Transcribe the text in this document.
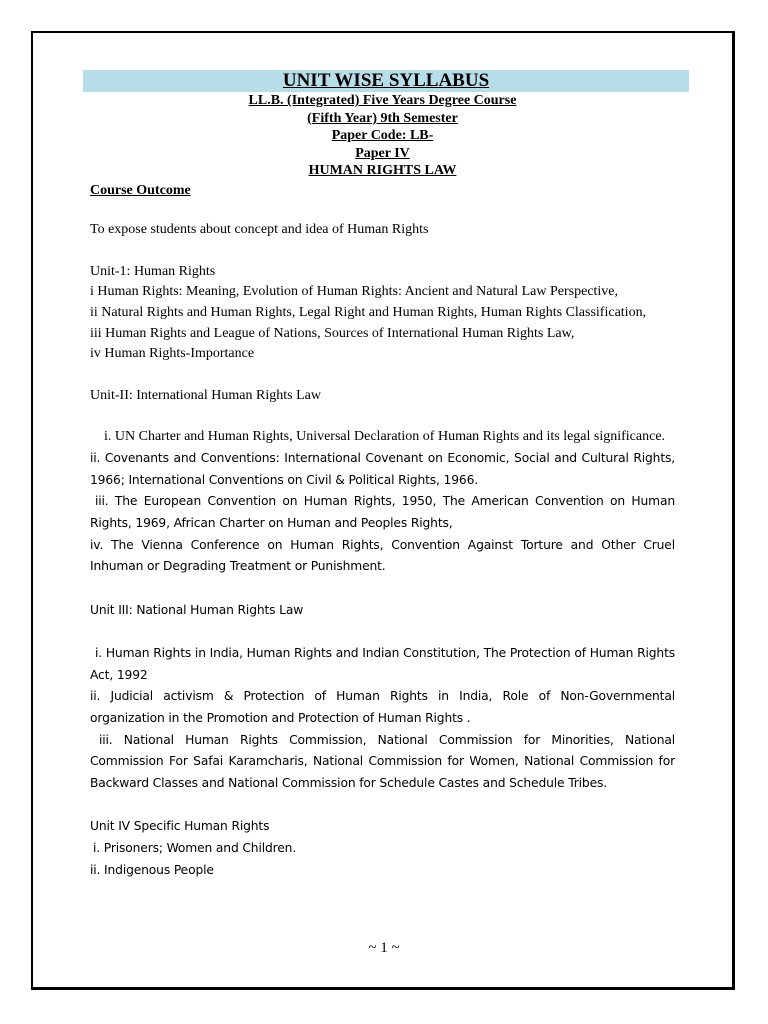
UNIT WISE SYLLABUS
LL.B. (Integrated) Five Years Degree Course
(Fifth Year) 9th Semester
Paper Code: LB-
Paper IV
HUMAN RIGHTS LAW
Course Outcome

To expose students about concept and idea of Human Rights

Unit-1: Human Rights

i Human Rights: Meaning, Evolution of Human Rights: Ancient and Natural Law Perspective,

ii Natural Rights and Human Rights, Legal Right and Human Rights, Human Rights Classification,

iii Human Rights and League of Nations, Sources of International Human Rights Law,

iv Human Rights-Importance

Unit-II: International Human Rights Law

i. UN Charter and Human Rights, Universal Declaration of Human Rights and its legal significance.

ii. Covenants and Conventions: International Covenant on Economic, Social and Cultural Rights, 1966; International Conventions on Civil & Political Rights, 1966.

iii. The European Convention on Human Rights, 1950, The American Convention on Human Rights, 1969, African Charter on Human and Peoples Rights,

iv. The Vienna Conference on Human Rights, Convention Against Torture and Other Cruel Inhuman or Degrading Treatment or Punishment.

Unit III: National Human Rights Law

i. Human Rights in India, Human Rights and Indian Constitution, The Protection of Human Rights Act, 1992

ii. Judicial activism & Protection of Human Rights in India, Role of Non-Governmental organization in the Promotion and Protection of Human Rights .

iii. National Human Rights Commission, National Commission for Minorities, National Commission For Safai Karamcharis, National Commission for Women, National Commission for Backward Classes and National Commission for Schedule Castes and Schedule Tribes.

Unit IV Specific Human Rights

i. Prisoners; Women and Children.

ii. Indigenous People

~ 1 ~
